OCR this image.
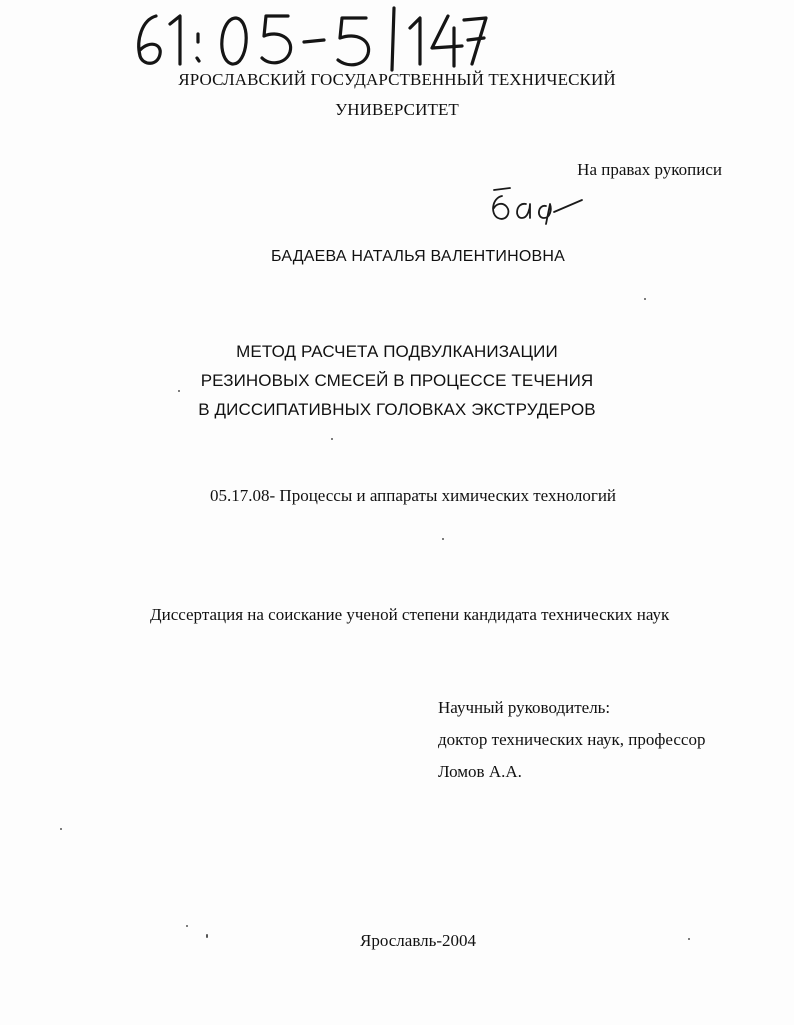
ЯРОСЛАВСКИЙ ГОСУДАРСТВЕННЫЙ ТЕХНИЧЕСКИЙ
УНИВЕРСИТЕТ
На правах рукописи
БАДАЕВА НАТАЛЬЯ ВАЛЕНТИНОВНА
МЕТОД РАСЧЕТА ПОДВУЛКАНИЗАЦИИ
РЕЗИНОВЫХ СМЕСЕЙ В ПРОЦЕССЕ ТЕЧЕНИЯ
В ДИССИПАТИВНЫХ ГОЛОВКАХ ЭКСТРУДЕРОВ
05.17.08- Процессы и аппараты химических технологий
Диссертация на соискание ученой степени кандидата технических наук
Научный руководитель:
доктор технических наук, профессор
Ломов А.А.
Ярославль-2004
